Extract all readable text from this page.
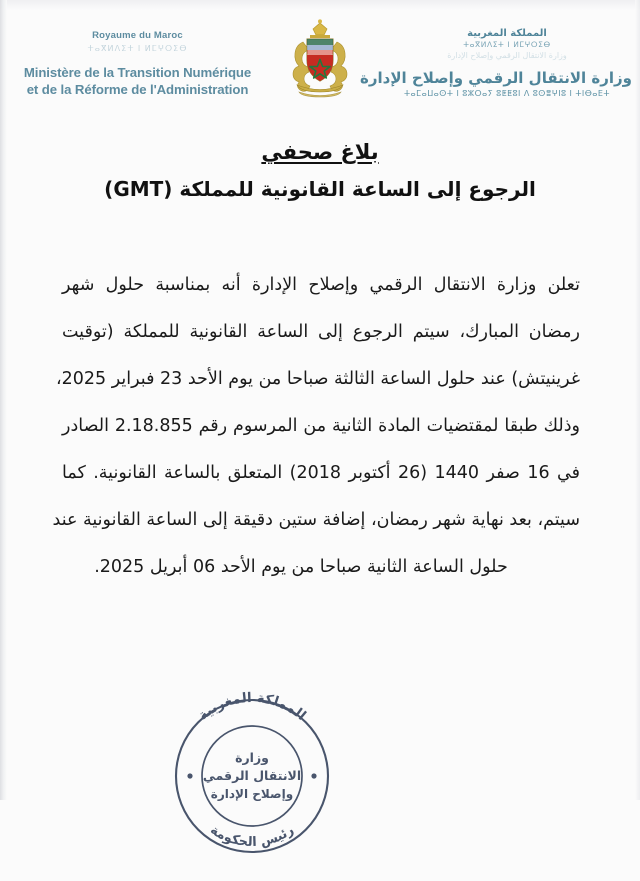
Royaume du Maroc
ⵜⴰⴳⵍⴷⵉⵜ ⵏ ⵍⵎⵖⵔⵉⴱ
Ministère de la Transition Numérique
et de la Réforme de l'Administration
المملكة المغربية
ⵜⴰⴳⵍⴷⵉⵜ ⵏ ⵍⵎⵖⵔⵉⴱ
وزارة الانتقال الرقمي وإصلاح الإدارة
وزارة الانتقال الرقمي وإصلاح الإدارة
ⵜⴰⵎⴰⵡⴰⵙⵜ ⵏ ⵓⵣⵔⴰⵢ ⵓⵟⵟⵓⵏ ⴷ ⵓⵙⴻⵖⵏⵓ ⵏ ⵜⵏⴱⴰⴹⵜ
بلاغ صحفي
الرجوع إلى الساعة القانونية للمملكة (GMT)
تعلن وزارة الانتقال الرقمي وإصلاح الإدارة أنه بمناسبة حلول شهر
رمضان المبارك، سيتم الرجوع إلى الساعة القانونية للمملكة (توقيت
غرينيتش) عند حلول الساعة الثالثة صباحا من يوم الأحد 23 فبراير 2025،
وذلك طبقا لمقتضيات المادة الثانية من المرسوم رقم 2.18.855 الصادر
في 16 صفر 1440 (26 أكتوبر 2018) المتعلق بالساعة القانونية. كما
سيتم، بعد نهاية شهر رمضان، إضافة ستين دقيقة إلى الساعة القانونية عند
حلول الساعة الثانية صباحا من يوم الأحد 06 أبريل 2025.
المملكة المغربية
رئيس الحكومة
وزارة
الانتقال الرقمي
وإصلاح الإدارة
